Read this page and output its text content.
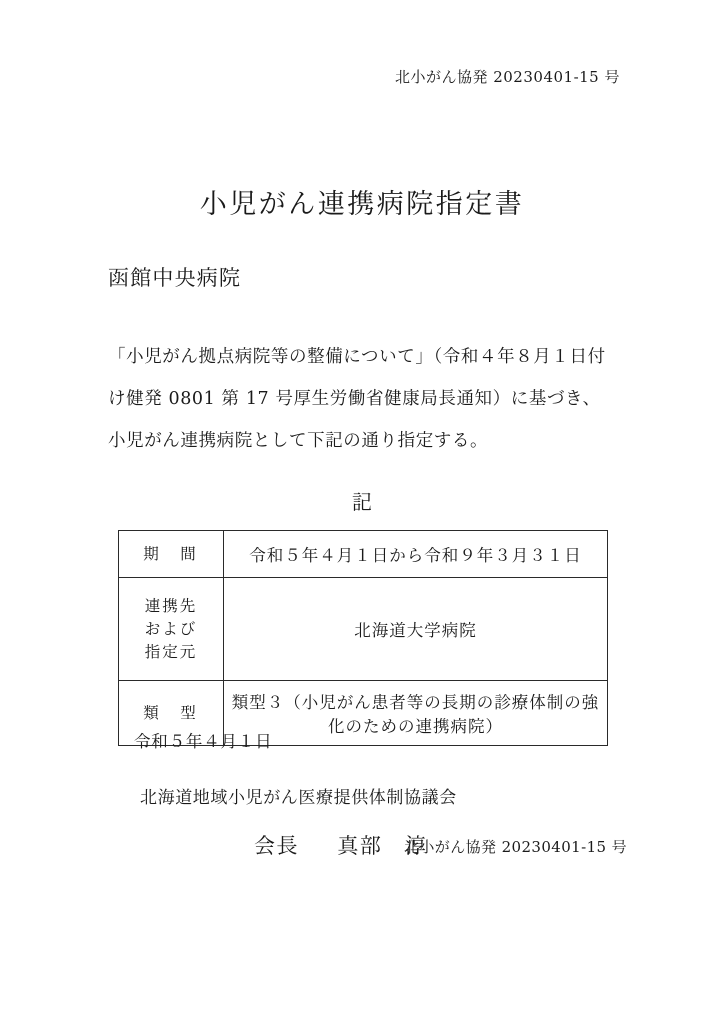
北小がん協発 20230401-15 号
小児がん連携病院指定書
函館中央病院
「小児がん拠点病院等の整備について」（令和４年８月１日付
け健発 0801 第 17 号厚生労働省健康局長通知）に基づき、
小児がん連携病院として下記の通り指定する。
記
期　間	令和５年４月１日から令和９年３月３１日

連携先
および
指定元	北海道大学病院
類　型	類型３（小児がん患者等の長期の診療体制の強化のための連携病院）
令和５年４月１日
北海道地域小児がん医療提供体制協議会
会長 真部　淳
北小がん協発 20230401-15 号
